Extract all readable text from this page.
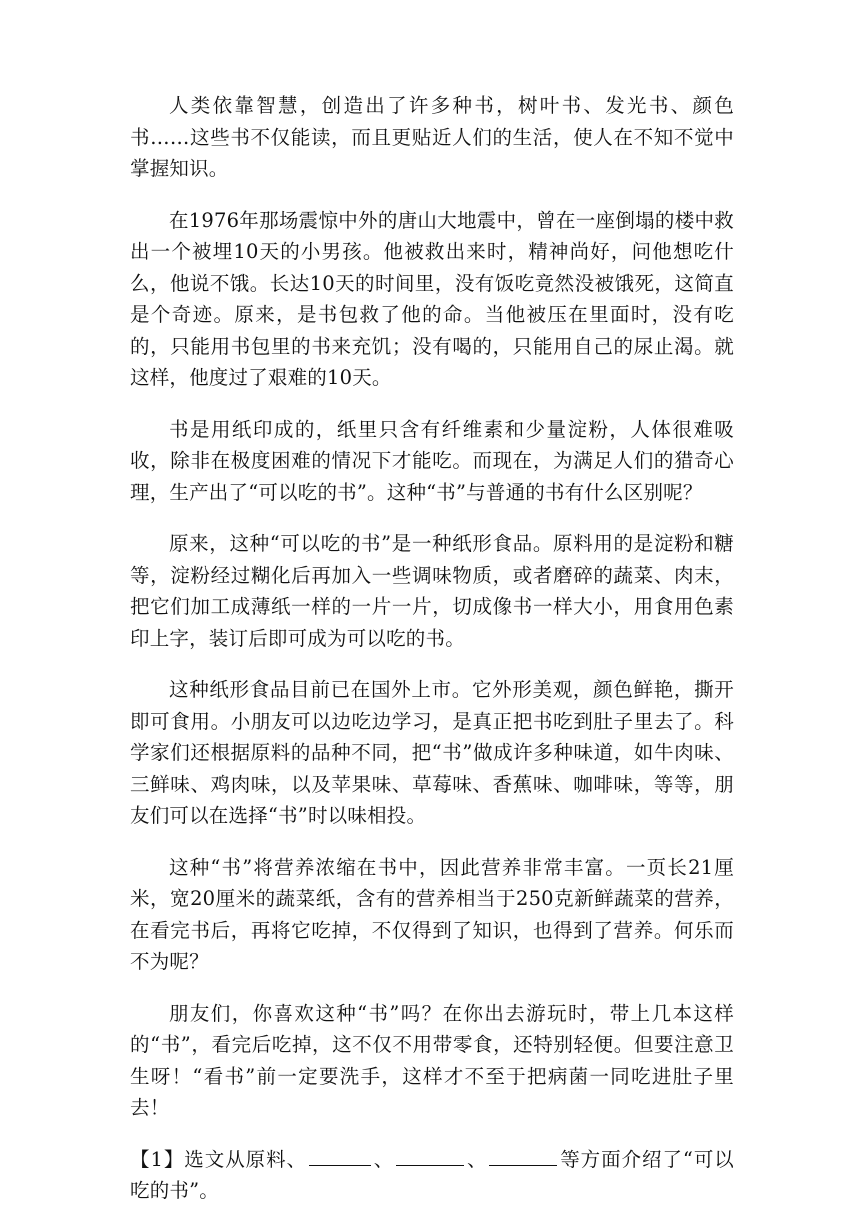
人类依靠智慧，创造出了许多种书，树叶书、发光书、颜色书……这些书不仅能读，而且更贴近人们的生活，使人在不知不觉中掌握知识。

在1976年那场震惊中外的唐山大地震中，曾在一座倒塌的楼中救出一个被埋10天的小男孩。他被救出来时，精神尚好，问他想吃什么，他说不饿。长达10天的时间里，没有饭吃竟然没被饿死，这简直是个奇迹。原来，是书包救了他的命。当他被压在里面时，没有吃的，只能用书包里的书来充饥；没有喝的，只能用自己的尿止渴。就这样，他度过了艰难的10天。

书是用纸印成的，纸里只含有纤维素和少量淀粉，人体很难吸收，除非在极度困难的情况下才能吃。而现在，为满足人们的猎奇心理，生产出了“可以吃的书”。这种“书”与普通的书有什么区别呢？

原来，这种“可以吃的书”是一种纸形食品。原料用的是淀粉和糖等，淀粉经过糊化后再加入一些调味物质，或者磨碎的蔬菜、肉末，把它们加工成薄纸一样的一片一片，切成像书一样大小，用食用色素印上字，装订后即可成为可以吃的书。

这种纸形食品目前已在国外上市。它外形美观，颜色鲜艳，撕开即可食用。小朋友可以边吃边学习，是真正把书吃到肚子里去了。科学家们还根据原料的品种不同，把“书”做成许多种味道，如牛肉味、三鲜味、鸡肉味，以及苹果味、草莓味、香蕉味、咖啡味，等等，朋友们可以在选择“书”时以味相投。

这种“书”将营养浓缩在书中，因此营养非常丰富。一页长21厘米，宽20厘米的蔬菜纸，含有的营养相当于250克新鲜蔬菜的营养，在看完书后，再将它吃掉，不仅得到了知识，也得到了营养。何乐而不为呢？

朋友们，你喜欢这种“书”吗？在你出去游玩时，带上几本这样的“书”，看完后吃掉，这不仅不用带零食，还特别轻便。但要注意卫生呀！“看书”前一定要洗手，这样才不至于把病菌一同吃进肚子里去！

【1】选文从原料、	、	、	等方面介绍了“可以吃的书”。
